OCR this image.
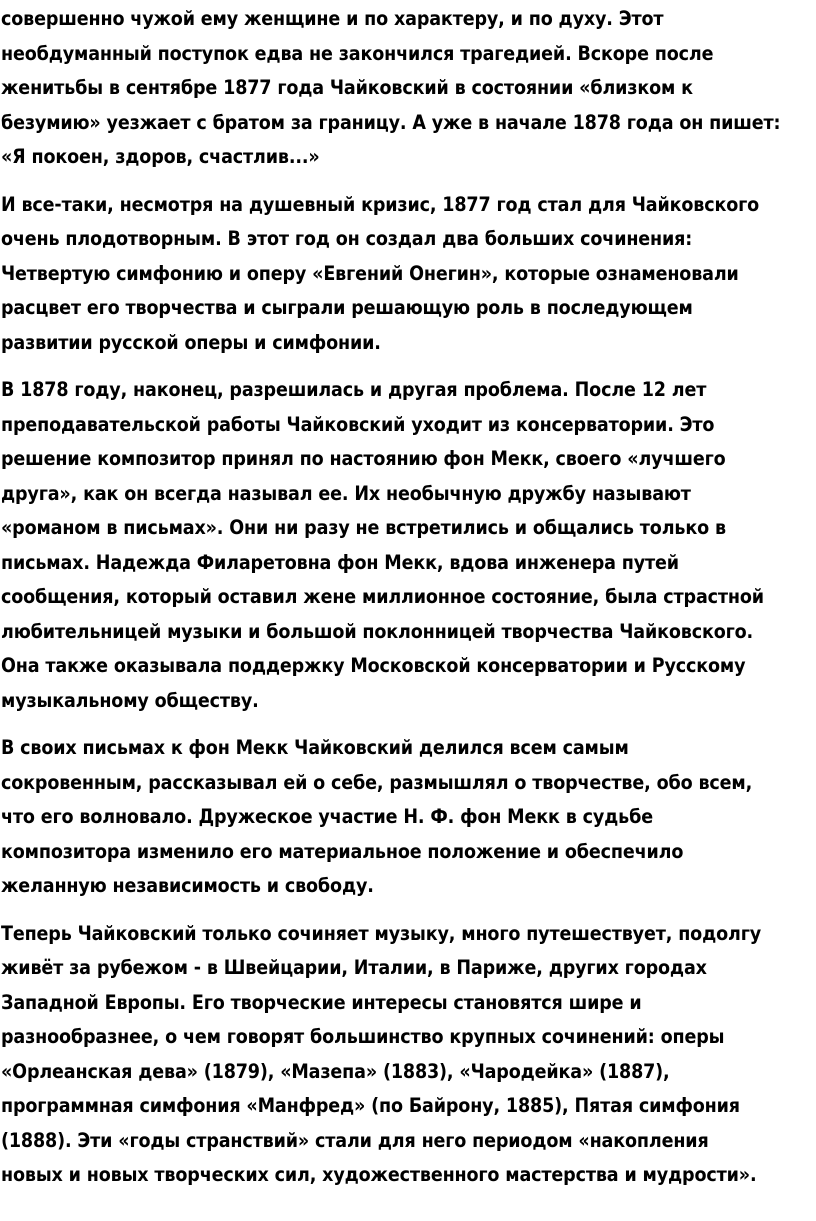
совершенно чужой ему женщине и по характеру, и по духу. Этот
необдуманный поступок едва не закончился трагедией. Вскоре после
женитьбы в сентябре 1877 года Чайковский в состоянии «близком к
безумию» уезжает с братом за границу. А уже в начале 1878 года он пишет:
«Я покоен, здоров, счастлив...»

И все-таки, несмотря на душевный кризис, 1877 год стал для Чайковского
очень плодотворным. В этот год он создал два больших сочинения:
Четвертую симфонию и оперу «Евгений Онегин», которые ознаменовали
расцвет его творчества и сыграли решающую роль в последующем
развитии русской оперы и симфонии.

В 1878 году, наконец, разрешилась и другая проблема. После 12 лет
преподавательской работы Чайковский уходит из консерватории. Это
решение композитор принял по настоянию фон Мекк, своего «лучшего
друга», как он всегда называл ее. Их необычную дружбу называют
«романом в письмах». Они ни разу не встретились и общались только в
письмах. Надежда Филаретовна фон Мекк, вдова инженера путей
сообщения, который оставил жене миллионное состояние, была страстной
любительницей музыки и большой поклонницей творчества Чайковского.
Она также оказывала поддержку Московской консерватории и Русскому
музыкальному обществу.

В своих письмах к фон Мекк Чайковский делился всем самым
сокровенным, рассказывал ей о себе, размышлял о творчестве, обо всем,
что его волновало. Дружеское участие Н. Ф. фон Мекк в судьбе
композитора изменило его материальное положение и обеспечило
желанную независимость и свободу.

Теперь Чайковский только сочиняет музыку, много путешествует, подолгу
живёт за рубежом - в Швейцарии, Италии, в Париже, других городах
Западной Европы. Его творческие интересы становятся шире и
разнообразнее, о чем говорят большинство крупных сочинений: оперы
«Орлеанская дева» (1879), «Мазепа» (1883), «Чародейка» (1887),
программная симфония «Манфред» (по Байрону, 1885), Пятая симфония
(1888). Эти «годы странствий» стали для него периодом «накопления
новых и новых творческих сил, художественного мастерства и мудрости».
